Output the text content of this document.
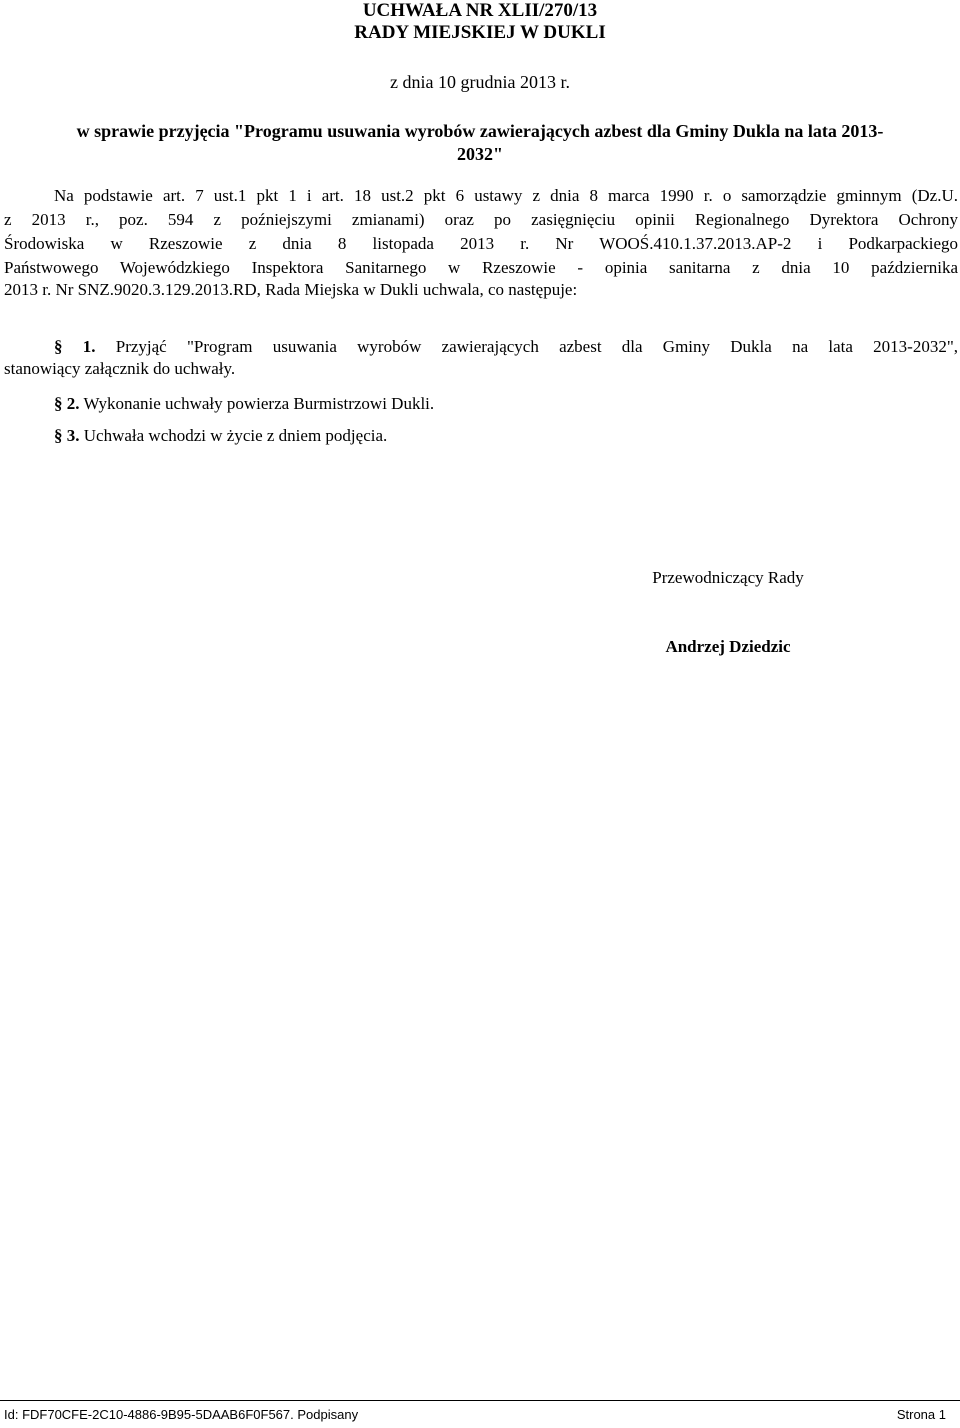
UCHWAŁA NR XLII/270/13
RADY MIEJSKIEJ W DUKLI
z dnia 10 grudnia 2013 r.
w sprawie przyjęcia "Programu usuwania wyrobów zawierających azbest dla Gminy Dukla na lata 2013-
2032"
Na podstawie art. 7 ust.1 pkt 1 i art. 18 ust.2 pkt 6 ustawy z dnia 8 marca 1990 r. o samorządzie gminnym (Dz.U.
z 2013 r., poz. 594 z poźniejszymi zmianami) oraz po zasięgnięciu opinii Regionalnego Dyrektora Ochrony
Środowiska w Rzeszowie z dnia 8 listopada 2013 r. Nr WOOŚ.410.1.37.2013.AP-2 i Podkarpackiego
Państwowego Wojewódzkiego Inspektora Sanitarnego w Rzeszowie - opinia sanitarna z dnia 10 października
2013 r. Nr SNZ.9020.3.129.2013.RD, Rada Miejska w Dukli uchwala, co następuje:
§ 1. Przyjąć "Program usuwania wyrobów zawierających azbest dla Gminy Dukla na lata 2013-2032",
stanowiący załącznik do uchwały.
§ 2. Wykonanie uchwały powierza Burmistrzowi Dukli.
§ 3. Uchwała wchodzi w życie z dniem podjęcia.
Przewodniczący Rady
Andrzej Dziedzic
Id: FDF70CFE-2C10-4886-9B95-5DAAB6F0F567. Podpisany	Strona 1
